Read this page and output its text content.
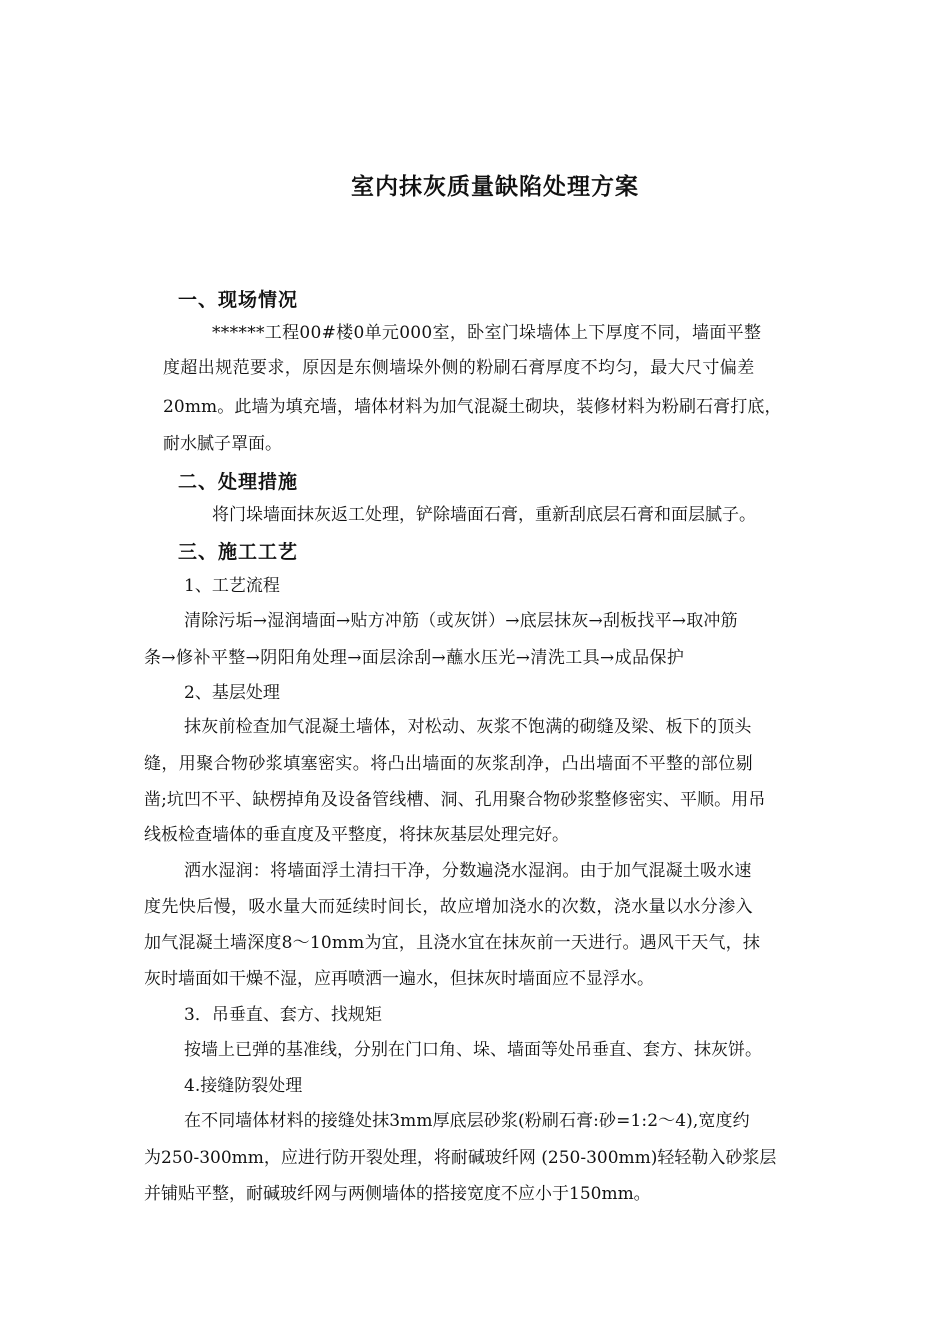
室内抹灰质量缺陷处理方案
一、现场情况
******工程00#楼0单元000室，卧室门垛墙体上下厚度不同，墙面平整
度超出规范要求，原因是东侧墙垛外侧的粉刷石膏厚度不均匀，最大尺寸偏差
20mm。此墙为填充墙，墙体材料为加气混凝土砌块，装修材料为粉刷石膏打底，
耐水腻子罩面。
二、处理措施
将门垛墙面抹灰返工处理，铲除墙面石膏，重新刮底层石膏和面层腻子。
三、施工工艺
1、工艺流程
清除污垢→湿润墙面→贴方冲筋（或灰饼）→底层抹灰→刮板找平→取冲筋
条→修补平整→阴阳角处理→面层涂刮→蘸水压光→清洗工具→成品保护
2、基层处理
抹灰前检查加气混凝土墙体，对松动、灰浆不饱满的砌缝及梁、板下的顶头
缝，用聚合物砂浆填塞密实。将凸出墙面的灰浆刮净，凸出墙面不平整的部位剔
凿;坑凹不平、缺楞掉角及设备管线槽、洞、孔用聚合物砂浆整修密实、平顺。用吊
线板检查墙体的垂直度及平整度，将抹灰基层处理完好。
洒水湿润：将墙面浮土清扫干净，分数遍浇水湿润。由于加气混凝土吸水速
度先快后慢，吸水量大而延续时间长，故应增加浇水的次数，浇水量以水分渗入
加气混凝土墙深度8～10mm为宜，且浇水宜在抹灰前一天进行。遇风干天气，抹
灰时墙面如干燥不湿，应再喷洒一遍水，但抹灰时墙面应不显浮水。
3．吊垂直、套方、找规矩
按墙上已弹的基准线，分别在门口角、垛、墙面等处吊垂直、套方、抹灰饼。
4.接缝防裂处理
在不同墙体材料的接缝处抹3mm厚底层砂浆(粉刷石膏:砂=1:2～4),宽度约
为250-300mm，应进行防开裂处理，将耐碱玻纤网 (250-300mm)轻轻勒入砂浆层
并铺贴平整，耐碱玻纤网与两侧墙体的搭接宽度不应小于150mm。
